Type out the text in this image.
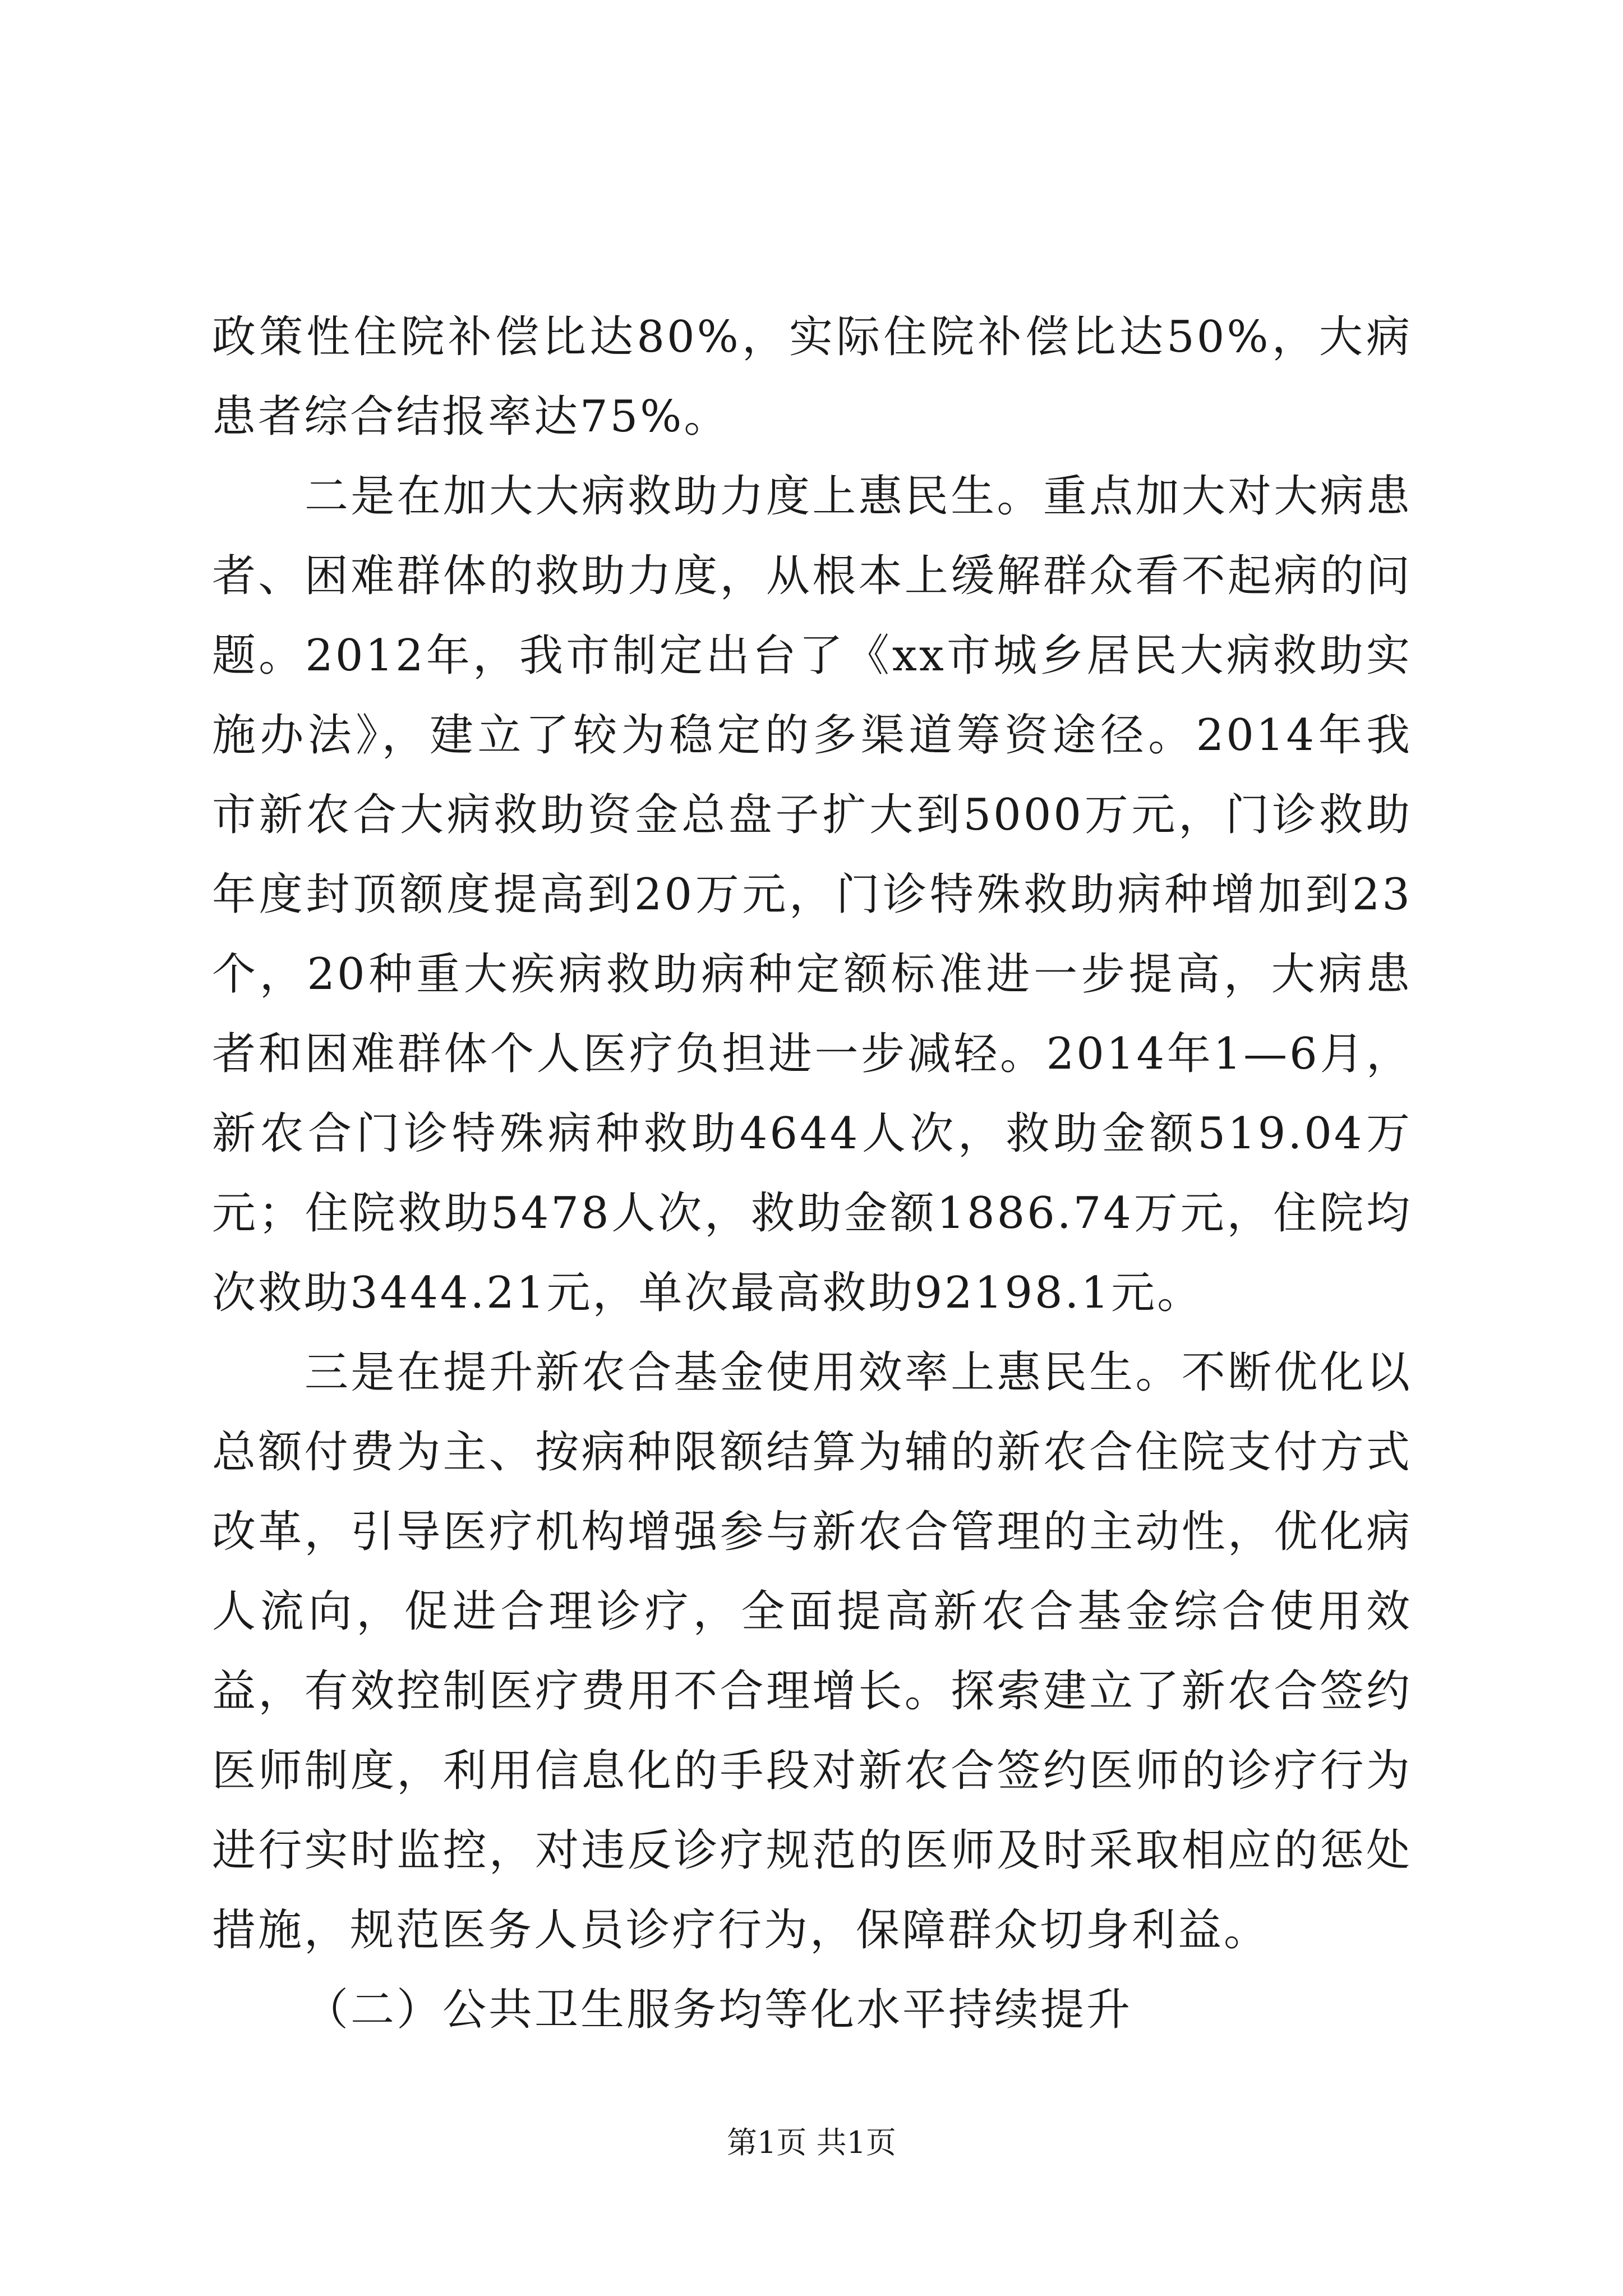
政策性住院补偿比达80%，实际住院补偿比达50%，大病患者综合结报率达75%。

二是在加大大病救助力度上惠民生。重点加大对大病患者、困难群体的救助力度，从根本上缓解群众看不起病的问题。2012年，我市制定出台了《xx市城乡居民大病救助实施办法》，建立了较为稳定的多渠道筹资途径。2014年我市新农合大病救助资金总盘子扩大到5000万元，门诊救助年度封顶额度提高到20万元，门诊特殊救助病种增加到23个，20种重大疾病救助病种定额标准进一步提高，大病患者和困难群体个人医疗负担进一步减轻。2014年1—6月，新农合门诊特殊病种救助4644人次，救助金额519.04万元；住院救助5478人次，救助金额1886.74万元，住院均次救助3444.21元，单次最高救助92198.1元。

三是在提升新农合基金使用效率上惠民生。不断优化以总额付费为主、按病种限额结算为辅的新农合住院支付方式改革，引导医疗机构增强参与新农合管理的主动性，优化病人流向，促进合理诊疗，全面提高新农合基金综合使用效益，有效控制医疗费用不合理增长。探索建立了新农合签约医师制度，利用信息化的手段对新农合签约医师的诊疗行为进行实时监控，对违反诊疗规范的医师及时采取相应的惩处措施，规范医务人员诊疗行为，保障群众切身利益。

（二）公共卫生服务均等化水平持续提升

第1页 共1页
